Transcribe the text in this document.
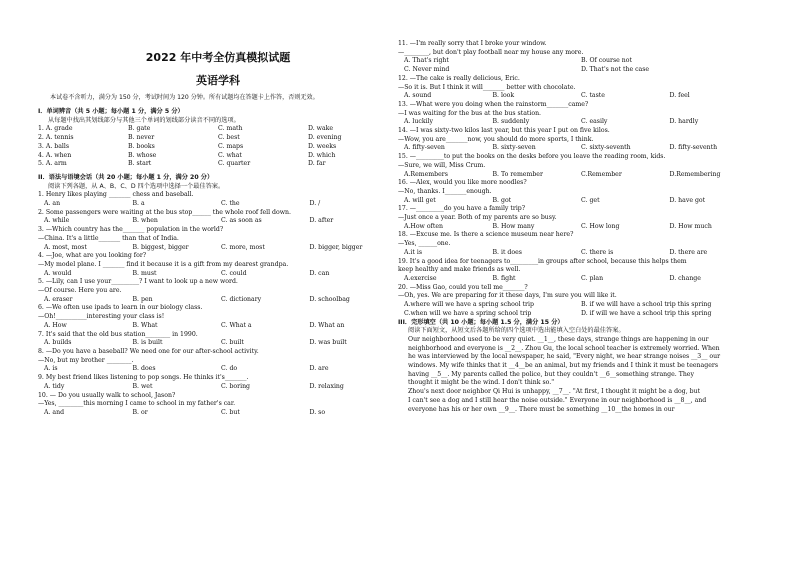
2022 年中考全仿真模拟试题
英语学科
本试卷不含听力，满分为 150 分，考试时间为 120 分钟。所有试题均在答题卡上作答，否则无效。
I．单词辨音（共 5 小题；每小题 1 分，满分 5 分）
从每题中找出其划线部分与其他三个单词的划线部分读音不同的选项。
1. A. grade	B. gate	C. math	D. wake
2. A. tennis	B. never	C. best	D. evening
3. A. balls	B. books	C. maps	D. weeks
4. A. when	B. whose	C. what	D. which
5. A. arm	B. start	C. quarter	D. far
II．语法与语境会话（共 20 小题；每小题 1 分，满分 20 分）
阅读下列各题，从 A、B、C、D 四个选项中选择一个最佳答案。
1. Henry likes playing _______ chess and baseball.
A. an	B. a	C. the	D. /
2. Some passengers were waiting at the bus stop______ the whole roof fell down.
A. while	B. when	C. as soon as	D. after
3. —Which country has the_______ population in the world?
—China. It's a little_______ than that of India.
A. most, most	B. biggest, bigger	C. more, most	D. bigger, bigger
4. —Joe, what are you looking for?
—My model plane. I _______ find it because it is a gift from my dearest grandpa.
A. would	B. must	C. could	D. can
5. —Lily, can I use your_________? I want to look up a new word.
—Of course. Here you are.
A. eraser	B. pen	C. dictionary	D. schoolbag
6. —We often use ipads to learn in our biology class.
—Oh!__________interesting your class is!
A. How	B. What	C. What a	D. What an
7. It's said that the old bus station________ in 1990.
A. builds	B. is built	C. built	D. was built
8. —Do you have a baseball? We need one for our after-school activity.
—No, but my brother ________.
A. is	B. does	C. do	D. are
9. My best friend likes listening to pop songs. He thinks it's_______.
A. tidy	B. wet	C. boring	D. relaxing
10. — Do you usually walk to school, Jason?
—Yes, ________this morning I came to school in my father's car.
A. and	B. or	C. but	D. so
11. —I'm really sorry that I broke your window.
—________, but don't play football near my house any more.
A. That's right	B. Of course not
C. Never mind	D. That's not the case
12. —The cake is really delicious, Eric.
—So it is. But I think it will_______ better with chocolate.
A. sound	B. look	C. taste	D. feel
13. —What were you doing when the rainstorm_______came?
—I was waiting for the bus at the bus station.
A. luckily	B. suddenly	C. easily	D. hardly
14. —I was sixty-two kilos last year, but this year I put on five kilos.
—Wow, you are_______now, you should do more sports, I think.
A. fifty-seven	B. sixty-seven	C. sixty-seventh	D. fifty-seventh
15. —_________to put the books on the desks before you leave the reading room, kids.
—Sure, we will, Miss Crum.
A.Remembers	B. To remember	C.Remember	D.Remembering
16. —Alex, would you like more noodles?
—No, thanks. I_______enough.
A. will get	B. got	C. get	D. have got
17. —_________do you have a family trip?
—Just once a year. Both of my parents are so busy.
A.How often	B. How many	C. How long	D. How much
18. —Excuse me. Is there a science museum near here?
—Yes, ______one.
A.it is	B. it does	C. there is	D. there are
19. It's a good idea for teenagers to_________in groups after school, because this helps them
keep healthy and make friends as well.
A.exercise	B. fight	C. plan	D. change
20. —Miss Gao, could you tell me_______?
—Oh, yes. We are preparing for it these days, I'm sure you will like it.
A.where will we have a spring school trip	B. if we will have a school trip this spring
C.when will we have a spring school trip	D. if will we have a school trip this spring
III．完形填空（共 10 小题；每小题 1.5 分，满分 15 分）
阅读下面短文，从短文后各题所给的四个选项中选出能填入空白处的最佳答案。
Our neighborhood used to be very quiet. __1__, these days, strange things are happening in our
neighborhood and everyone is __2__. Zhou Gu, the local school teacher is extremely worried. When
he was interviewed by the local newspaper, he said, "Every night, we hear strange noises __3__ our
windows. My wife thinks that it __4__be an animal, but my friends and I think it must be teenagers
having __5__. My parents called the police, but they couldn't __6__something strange. They
thought it might be the wind. I don't think so."
Zhou's next door neighbor Qi Hui is unhappy, __7__. "At first, I thought it might be a dog, but
I can't see a dog and I still hear the noise outside." Everyone in our neighborhood is __8__, and
everyone has his or her own __9__. There must be something __10__the homes in our
